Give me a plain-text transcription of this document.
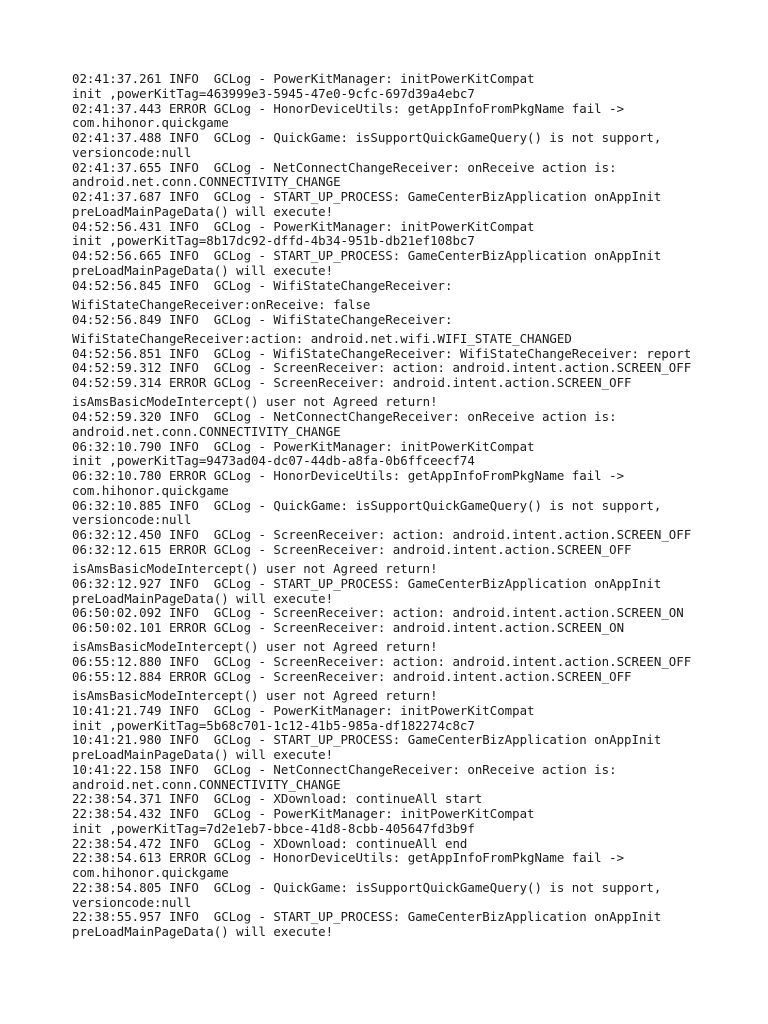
02:41:37.261 INFO  GCLog - PowerKitManager: initPowerKitCompat
init ,powerKitTag=463999e3-5945-47e0-9cfc-697d39a4ebc7
02:41:37.443 ERROR GCLog - HonorDeviceUtils: getAppInfoFromPkgName fail ->
com.hihonor.quickgame
02:41:37.488 INFO  GCLog - QuickGame: isSupportQuickGameQuery() is not support,
versioncode:null
02:41:37.655 INFO  GCLog - NetConnectChangeReceiver: onReceive action is:
android.net.conn.CONNECTIVITY_CHANGE
02:41:37.687 INFO  GCLog - START_UP_PROCESS: GameCenterBizApplication onAppInit
preLoadMainPageData() will execute!
04:52:56.431 INFO  GCLog - PowerKitManager: initPowerKitCompat
init ,powerKitTag=8b17dc92-dffd-4b34-951b-db21ef108bc7
04:52:56.665 INFO  GCLog - START_UP_PROCESS: GameCenterBizApplication onAppInit
preLoadMainPageData() will execute!
04:52:56.845 INFO  GCLog - WifiStateChangeReceiver:
WifiStateChangeReceiver:onReceive: false
04:52:56.849 INFO  GCLog - WifiStateChangeReceiver:
WifiStateChangeReceiver:action: android.net.wifi.WIFI_STATE_CHANGED
04:52:56.851 INFO  GCLog - WifiStateChangeReceiver: WifiStateChangeReceiver: report
04:52:59.312 INFO  GCLog - ScreenReceiver: action: android.intent.action.SCREEN_OFF
04:52:59.314 ERROR GCLog - ScreenReceiver: android.intent.action.SCREEN_OFF
isAmsBasicModeIntercept() user not Agreed return!
04:52:59.320 INFO  GCLog - NetConnectChangeReceiver: onReceive action is:
android.net.conn.CONNECTIVITY_CHANGE
06:32:10.790 INFO  GCLog - PowerKitManager: initPowerKitCompat
init ,powerKitTag=9473ad04-dc07-44db-a8fa-0b6ffceecf74
06:32:10.780 ERROR GCLog - HonorDeviceUtils: getAppInfoFromPkgName fail ->
com.hihonor.quickgame
06:32:10.885 INFO  GCLog - QuickGame: isSupportQuickGameQuery() is not support,
versioncode:null
06:32:12.450 INFO  GCLog - ScreenReceiver: action: android.intent.action.SCREEN_OFF
06:32:12.615 ERROR GCLog - ScreenReceiver: android.intent.action.SCREEN_OFF
isAmsBasicModeIntercept() user not Agreed return!
06:32:12.927 INFO  GCLog - START_UP_PROCESS: GameCenterBizApplication onAppInit
preLoadMainPageData() will execute!
06:50:02.092 INFO  GCLog - ScreenReceiver: action: android.intent.action.SCREEN_ON
06:50:02.101 ERROR GCLog - ScreenReceiver: android.intent.action.SCREEN_ON
isAmsBasicModeIntercept() user not Agreed return!
06:55:12.880 INFO  GCLog - ScreenReceiver: action: android.intent.action.SCREEN_OFF
06:55:12.884 ERROR GCLog - ScreenReceiver: android.intent.action.SCREEN_OFF
isAmsBasicModeIntercept() user not Agreed return!
10:41:21.749 INFO  GCLog - PowerKitManager: initPowerKitCompat
init ,powerKitTag=5b68c701-1c12-41b5-985a-df182274c8c7
10:41:21.980 INFO  GCLog - START_UP_PROCESS: GameCenterBizApplication onAppInit
preLoadMainPageData() will execute!
10:41:22.158 INFO  GCLog - NetConnectChangeReceiver: onReceive action is:
android.net.conn.CONNECTIVITY_CHANGE
22:38:54.371 INFO  GCLog - XDownload: continueAll start
22:38:54.432 INFO  GCLog - PowerKitManager: initPowerKitCompat
init ,powerKitTag=7d2e1eb7-bbce-41d8-8cbb-405647fd3b9f
22:38:54.472 INFO  GCLog - XDownload: continueAll end
22:38:54.613 ERROR GCLog - HonorDeviceUtils: getAppInfoFromPkgName fail ->
com.hihonor.quickgame
22:38:54.805 INFO  GCLog - QuickGame: isSupportQuickGameQuery() is not support,
versioncode:null
22:38:55.957 INFO  GCLog - START_UP_PROCESS: GameCenterBizApplication onAppInit
preLoadMainPageData() will execute!
